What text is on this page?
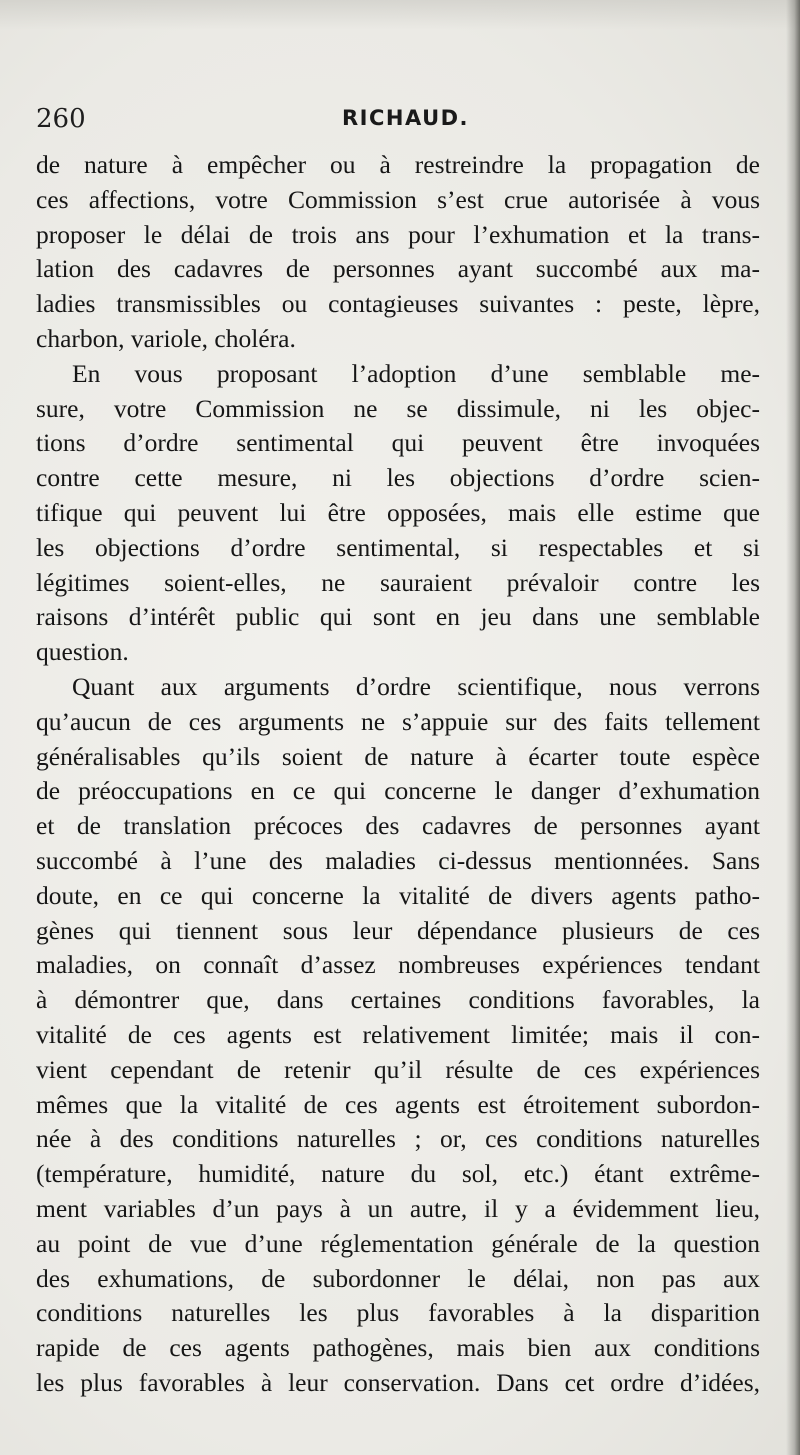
260	RICHAUD.
de nature à empêcher ou à restreindre la propagation de
ces affections, votre Commission s’est crue autorisée à vous
proposer le délai de trois ans pour l’exhumation et la trans-
lation des cadavres de personnes ayant succombé aux ma-
ladies transmissibles ou contagieuses suivantes : peste, lèpre,
charbon, variole, choléra.
En vous proposant l’adoption d’une semblable me-
sure, votre Commission ne se dissimule, ni les objec-
tions d’ordre sentimental qui peuvent être invoquées
contre cette mesure, ni les objections d’ordre scien-
tifique qui peuvent lui être opposées, mais elle estime que
les objections d’ordre sentimental, si respectables et si
légitimes soient-elles, ne sauraient prévaloir contre les
raisons d’intérêt public qui sont en jeu dans une semblable
question.
Quant aux arguments d’ordre scientifique, nous verrons
qu’aucun de ces arguments ne s’appuie sur des faits tellement
généralisables qu’ils soient de nature à écarter toute espèce
de préoccupations en ce qui concerne le danger d’exhumation
et de translation précoces des cadavres de personnes ayant
succombé à l’une des maladies ci-dessus mentionnées. Sans
doute, en ce qui concerne la vitalité de divers agents patho-
gènes qui tiennent sous leur dépendance plusieurs de ces
maladies, on connaît d’assez nombreuses expériences tendant
à démontrer que, dans certaines conditions favorables, la
vitalité de ces agents est relativement limitée; mais il con-
vient cependant de retenir qu’il résulte de ces expériences
mêmes que la vitalité de ces agents est étroitement subordon-
née à des conditions naturelles ; or, ces conditions naturelles
(température, humidité, nature du sol, etc.) étant extrême-
ment variables d’un pays à un autre, il y a évidemment lieu,
au point de vue d’une réglementation générale de la question
des exhumations, de subordonner le délai, non pas aux
conditions naturelles les plus favorables à la disparition
rapide de ces agents pathogènes, mais bien aux conditions
les plus favorables à leur conservation. Dans cet ordre d’idées,
